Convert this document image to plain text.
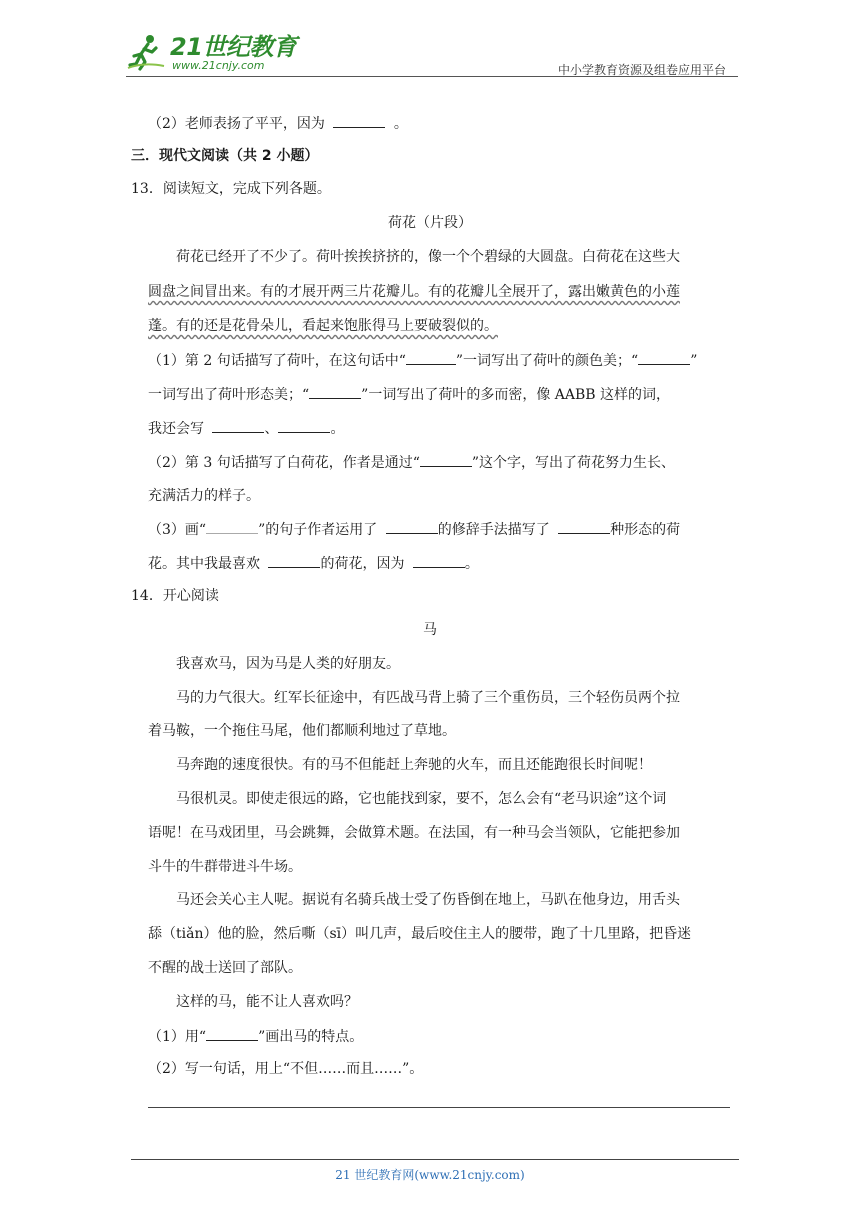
21世纪教育
www.21cnjy.com	中小学教育资源及组卷应用平台
（2）老师表扬了平平，因为	。
三．现代文阅读（共 2 小题）
13．阅读短文，完成下列各题。
荷花（片段）
荷花已经开了不少了。荷叶挨挨挤挤的，像一个个碧绿的大圆盘。白荷花在这些大
圆盘之间冒出来。有的才展开两三片花瓣儿。有的花瓣儿全展开了，露出嫩黄色的小莲
蓬。有的还是花骨朵儿，看起来饱胀得马上要破裂似的。
（1）第 2 句话描写了荷叶，在这句话中“	”一词写出了荷叶的颜色美；“	”
一词写出了荷叶形态美；“	”一词写出了荷叶的多而密，像 AABB 这样的词，
我还会写	、	。
（2）第 3 句话描写了白荷花，作者是通过“	”这个字，写出了荷花努力生长、
充满活力的样子。
（3）画“	”的句子作者运用了	的修辞手法描写了	种形态的荷
花。其中我最喜欢	的荷花，因为	。
14．开心阅读
马
我喜欢马，因为马是人类的好朋友。
马的力气很大。红军长征途中，有匹战马背上骑了三个重伤员，三个轻伤员两个拉
着马鞍，一个拖住马尾，他们都顺利地过了草地。
马奔跑的速度很快。有的马不但能赶上奔驰的火车，而且还能跑很长时间呢！
马很机灵。即使走很远的路，它也能找到家，要不，怎么会有“老马识途”这个词
语呢！在马戏团里，马会跳舞，会做算术题。在法国，有一种马会当领队，它能把参加
斗牛的牛群带进斗牛场。
马还会关心主人呢。据说有名骑兵战士受了伤昏倒在地上，马趴在他身边，用舌头
舔（tiǎn）他的脸，然后嘶（sī）叫几声，最后咬住主人的腰带，跑了十几里路，把昏迷
不醒的战士送回了部队。
这样的马，能不让人喜欢吗？
（1）用“	”画出马的特点。
（2）写一句话，用上“不但……而且……”。
21 世纪教育网(www.21cnjy.com)
